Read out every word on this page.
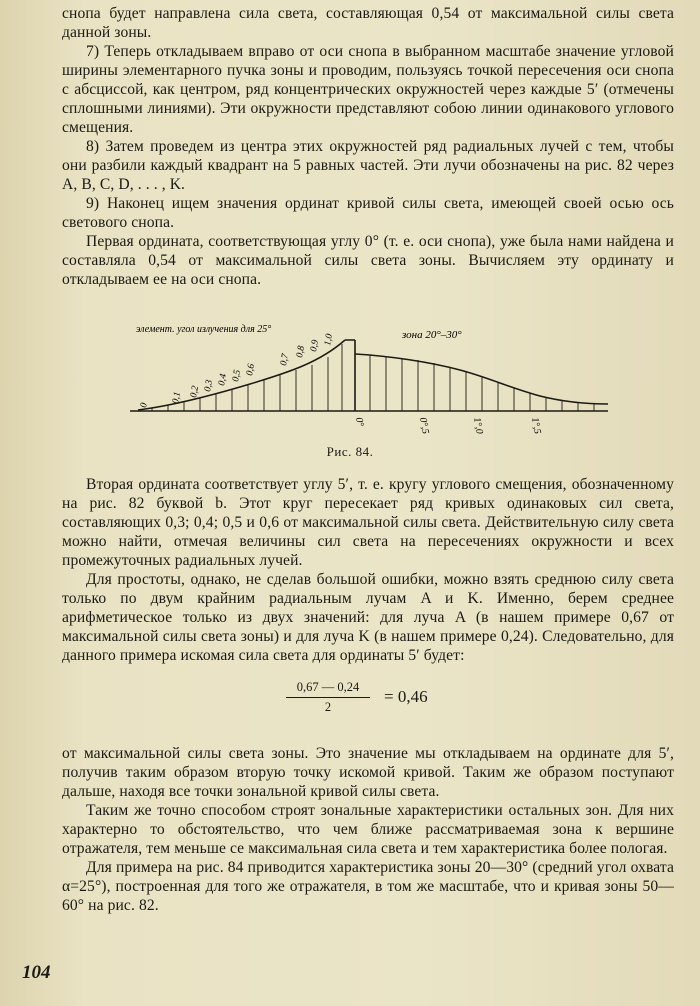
снопа будет направлена сила света, составляющая 0,54 от максимальной силы света данной зоны.

7) Теперь откладываем вправо от оси снопа в выбранном масштабе значение угловой ширины элементарного пучка зоны и проводим, пользуясь точкой пересечения оси снопа с абсциссой, как центром, ряд концентрических окружностей через каждые 5′ (отмечены сплошными линиями). Эти окружности представляют собою линии одинакового углового смещения.

8) Затем проведем из центра этих окружностей ряд радиальных лучей с тем, чтобы они разбили каждый квадрант на 5 равных частей. Эти лучи обозначены на рис. 82 через A, B, C, D, . . . , K.

9) Наконец ищем значения ординат кривой силы света, имеющей своей осью ось светового снопа.

Первая ордината, соответствующая углу 0° (т. е. оси снопа), уже была нами найдена и составляла 0,54 от максимальной силы света зоны. Вычисляем эту ординату и откладываем ее на оси снопа.

элемент. угол излучения для 25°	зона 20°–30°
0
0,1 0,2 0,3 0,4 0,5 0,6
0,7
0,8 0,9 1,0
0°	0°,5	1°,0	1°,5
Рис. 84.

Вторая ордината соответствует углу 5′, т. е. кругу углового смещения, обозначенному на рис. 82 буквой b. Этот круг пересекает ряд кривых одинаковых сил света, составляющих 0,3; 0,4; 0,5 и 0,6 от максимальной силы света. Действительную силу света можно найти, отмечая величины сил света на пересечениях окружности и всех промежуточных радиальных лучей.

Для простоты, однако, не сделав большой ошибки, можно взять среднюю силу света только по двум крайним радиальным лучам A и K. Именно, берем среднее арифметическое только из двух значений: для луча A (в нашем примере 0,67 от максимальной силы света зоны) и для луча K (в нашем примере 0,24). Следовательно, для данного примера искомая сила света для ординаты 5′ будет:

$\frac{0,67 — 0,24}{2} = 0,46$

от максимальной силы света зоны. Это значение мы откладываем на ординате для 5′, получив таким образом вторую точку искомой кривой. Таким же образом поступают дальше, находя все точки зональной кривой силы света.

Таким же точно способом строят зональные характеристики остальных зон. Для них характерно то обстоятельство, что чем ближе рассматриваемая зона к вершине отражателя, тем меньше се максимальная сила света и тем характеристика более пологая.

Для примера на рис. 84 приводится характеристика зоны 20—30° (средний угол охвата α=25°), построенная для того же отражателя, в том же масштабе, что и кривая зоны 50—60° на рис. 82.

104
